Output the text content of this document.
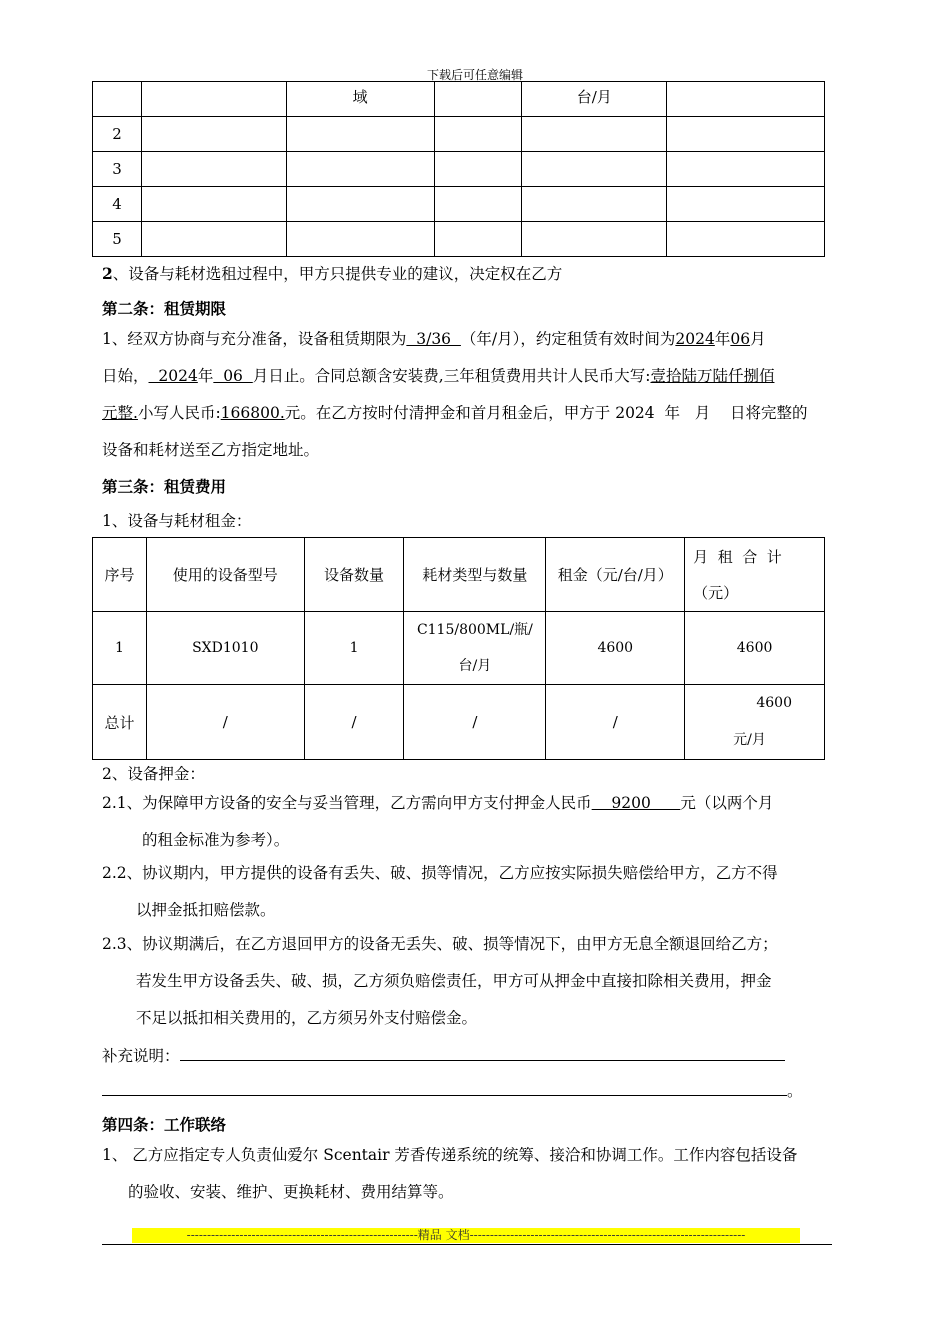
下载后可任意编辑
		域		台/月	
2					
3					
4					
5					
2、设备与耗材选租过程中，甲方只提供专业的建议，决定权在乙方
第二条：租赁期限
1、经双方协商与充分准备，设备租赁期限为  3/36  （年/月），约定租赁有效时间为2024年06月
日始，  2024年  06  月日止。合同总额含安装费,三年租赁费用共计人民币大写:壹拾陆万陆仟捌佰
元整.小写人民币:166800.元。在乙方按时付清押金和首月租金后，甲方于 2024  年   月    日将完整的
设备和耗材送至乙方指定地址。
第三条：租赁费用
1、设备与耗材租金：
序号	使用的设备型号	设备数量	耗材类型与数量	租金（元/台/月）	月  租  合  计（元）
1	SXD1010	1	C115/800ML/瓶/台/月	4600	4600
总计	/	/	/	/	4600
元/月
2、设备押金：
2.1、为保障甲方设备的安全与妥当管理，乙方需向甲方支付押金人民币    9200      元（以两个月
的租金标准为参考）。
2.2、协议期内，甲方提供的设备有丢失、破、损等情况，乙方应按实际损失赔偿给甲方，乙方不得
以押金抵扣赔偿款。
2.3、协议期满后，在乙方退回甲方的设备无丢失、破、损等情况下，由甲方无息全额退回给乙方；
若发生甲方设备丢失、破、损，乙方须负赔偿责任，甲方可从押金中直接扣除相关费用，押金
不足以抵扣相关费用的，乙方须另外支付赔偿金。
补充说明：
。
第四条：工作联络
1、 乙方应指定专人负责仙爱尔 Scentair 芳香传递系统的统筹、接洽和协调工作。工作内容包括设备
的验收、安装、维护、更换耗材、费用结算等。
---------------------------------------------------------精品 文档--------------------------------------------------------------------
